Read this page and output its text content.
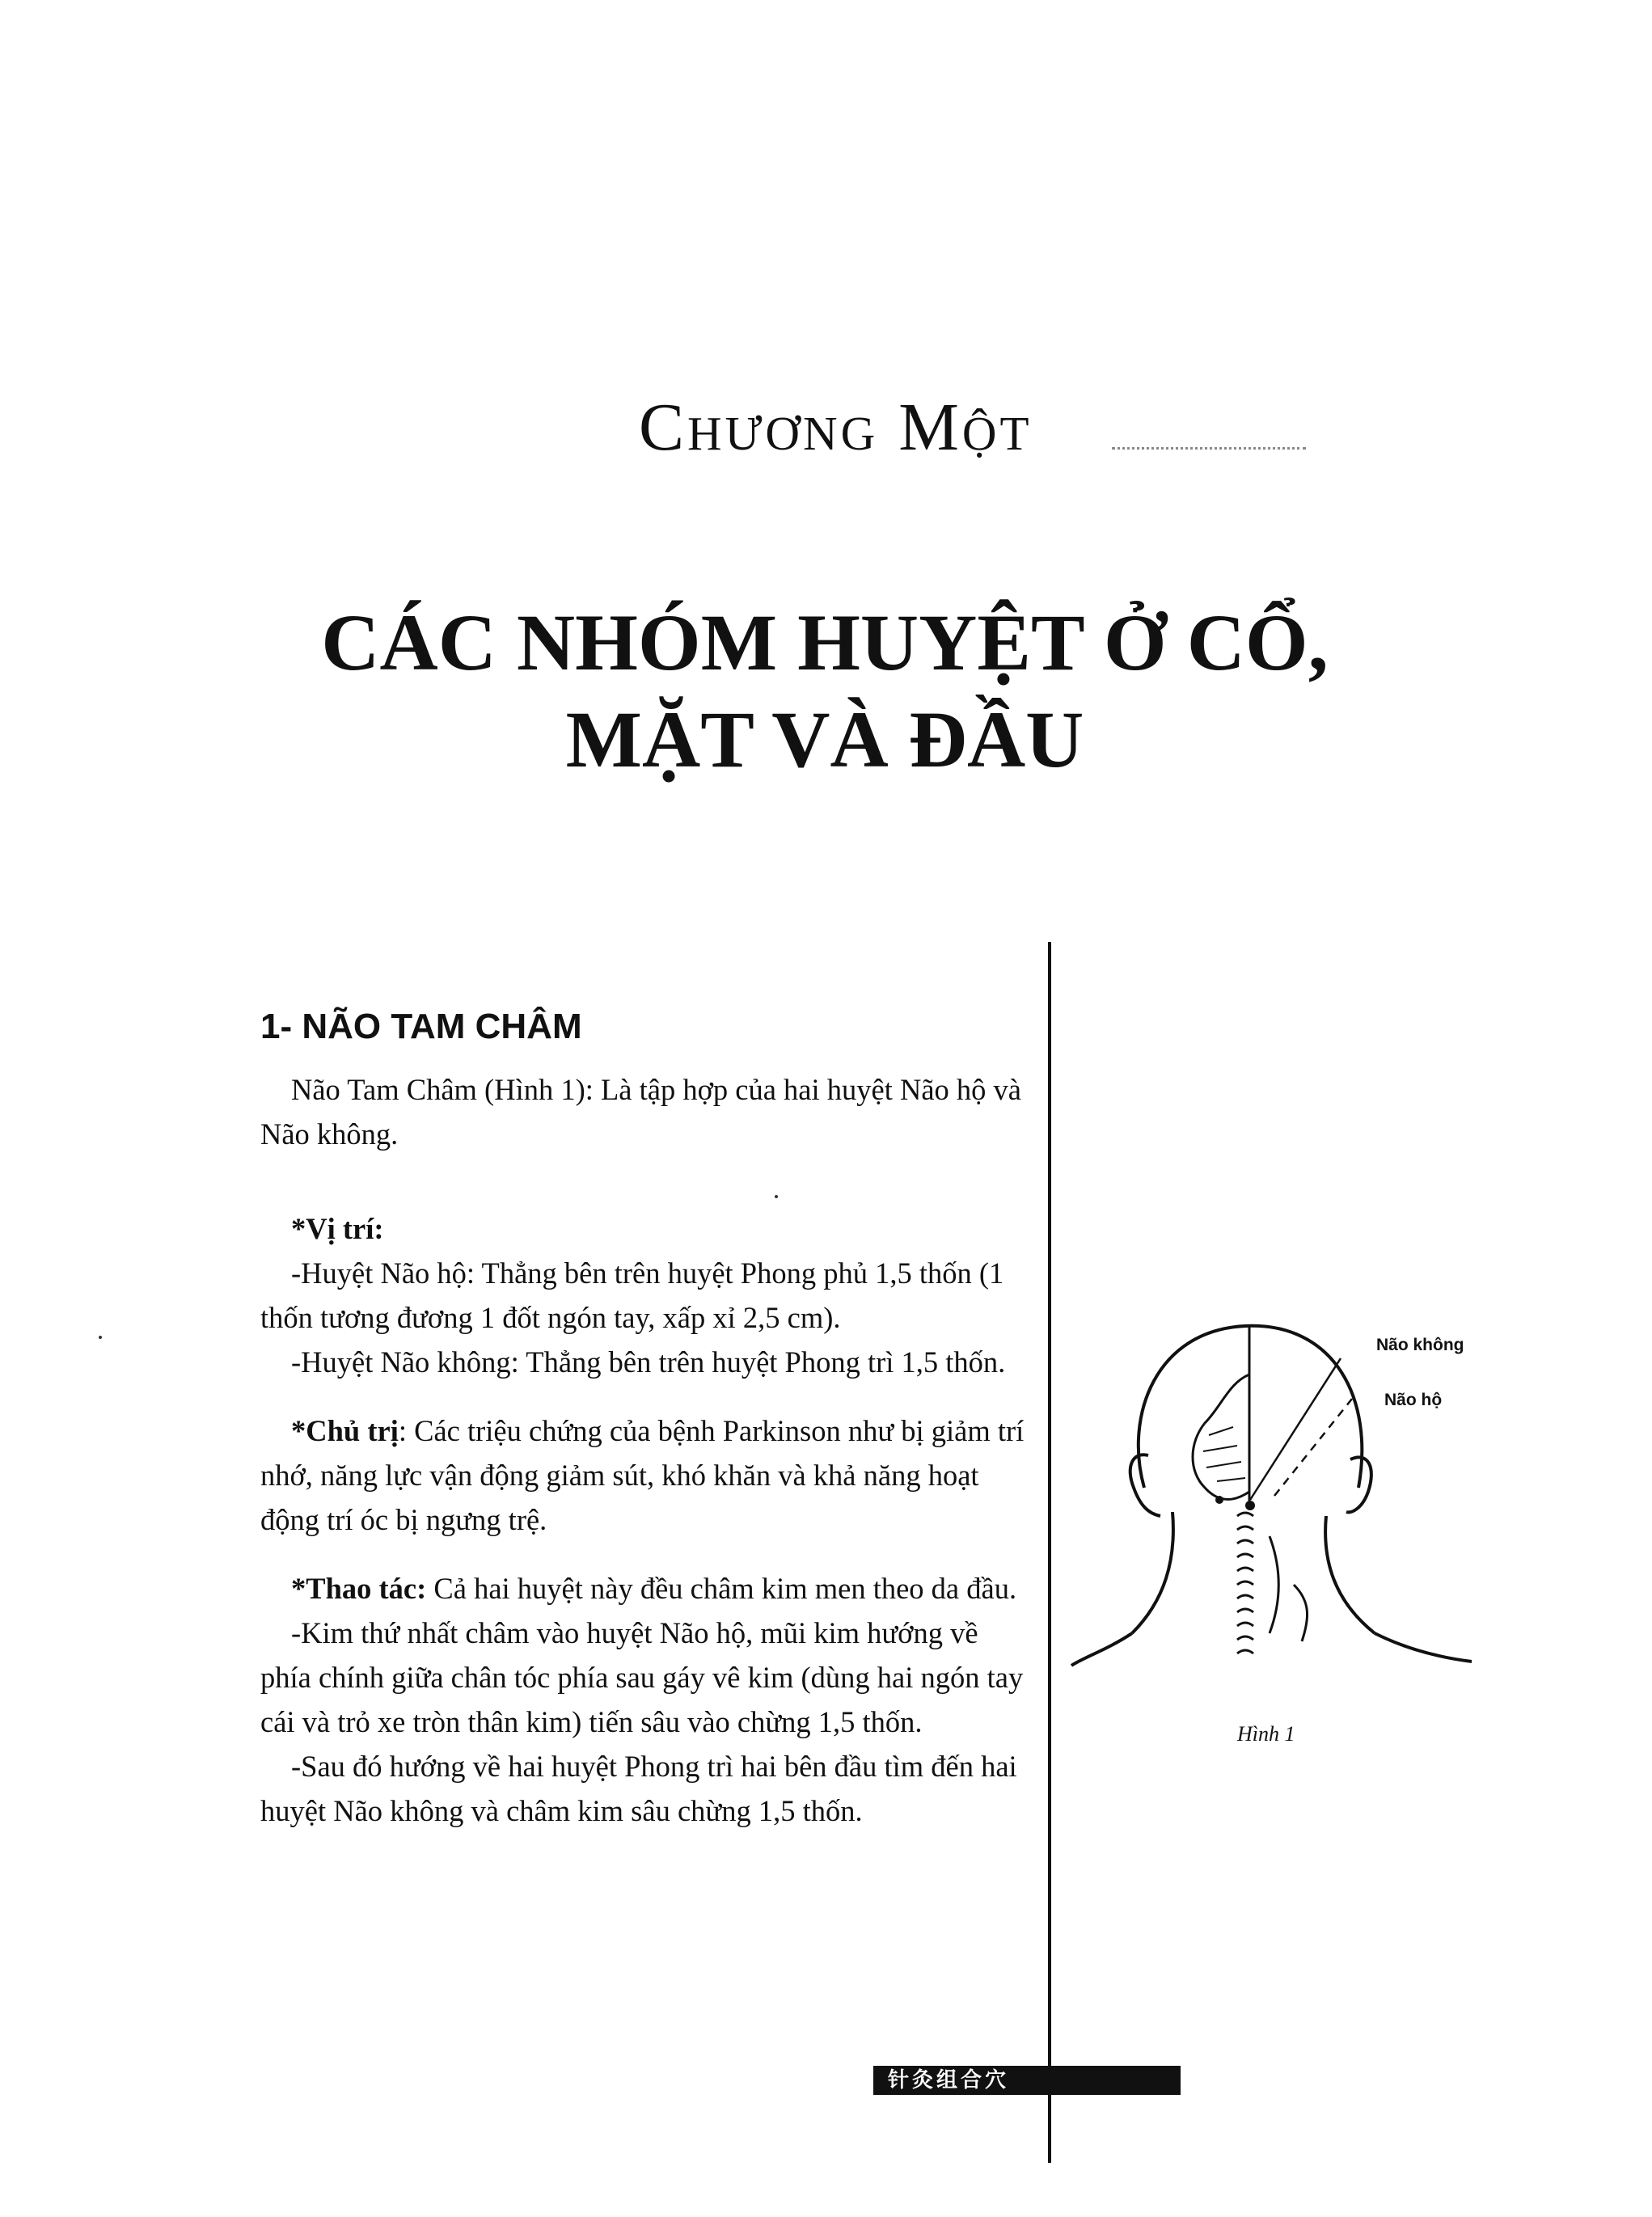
Chương Một
CÁC NHÓM HUYỆT Ở CỔ,
MẶT VÀ ĐẦU
1- NÃO TAM CHÂM

Não Tam Châm (Hình 1): Là tập hợp của hai huyệt Não hộ và Não không.

*Vị trí:

-Huyệt Não hộ: Thẳng bên trên huyệt Phong phủ 1,5 thốn (1 thốn tương đương 1 đốt ngón tay, xấp xỉ 2,5 cm).

-Huyệt Não không: Thẳng bên trên huyệt Phong trì 1,5 thốn.

*Chủ trị: Các triệu chứng của bệnh Parkinson như bị giảm trí nhớ, năng lực vận động giảm sút, khó khăn và khả năng hoạt động trí óc bị ngưng trệ.

*Thao tác: Cả hai huyệt này đều châm kim men theo da đầu.

-Kim thứ nhất châm vào huyệt Não hộ, mũi kim hướng về phía chính giữa chân tóc phía sau gáy vê kim (dùng hai ngón tay cái và trỏ xe tròn thân kim) tiến sâu vào chừng 1,5 thốn.

-Sau đó hướng về hai huyệt Phong trì hai bên đầu tìm đến hai huyệt Não không và châm kim sâu chừng 1,5 thốn.

Não không
Não hộ
Hình 1
针灸组合穴
